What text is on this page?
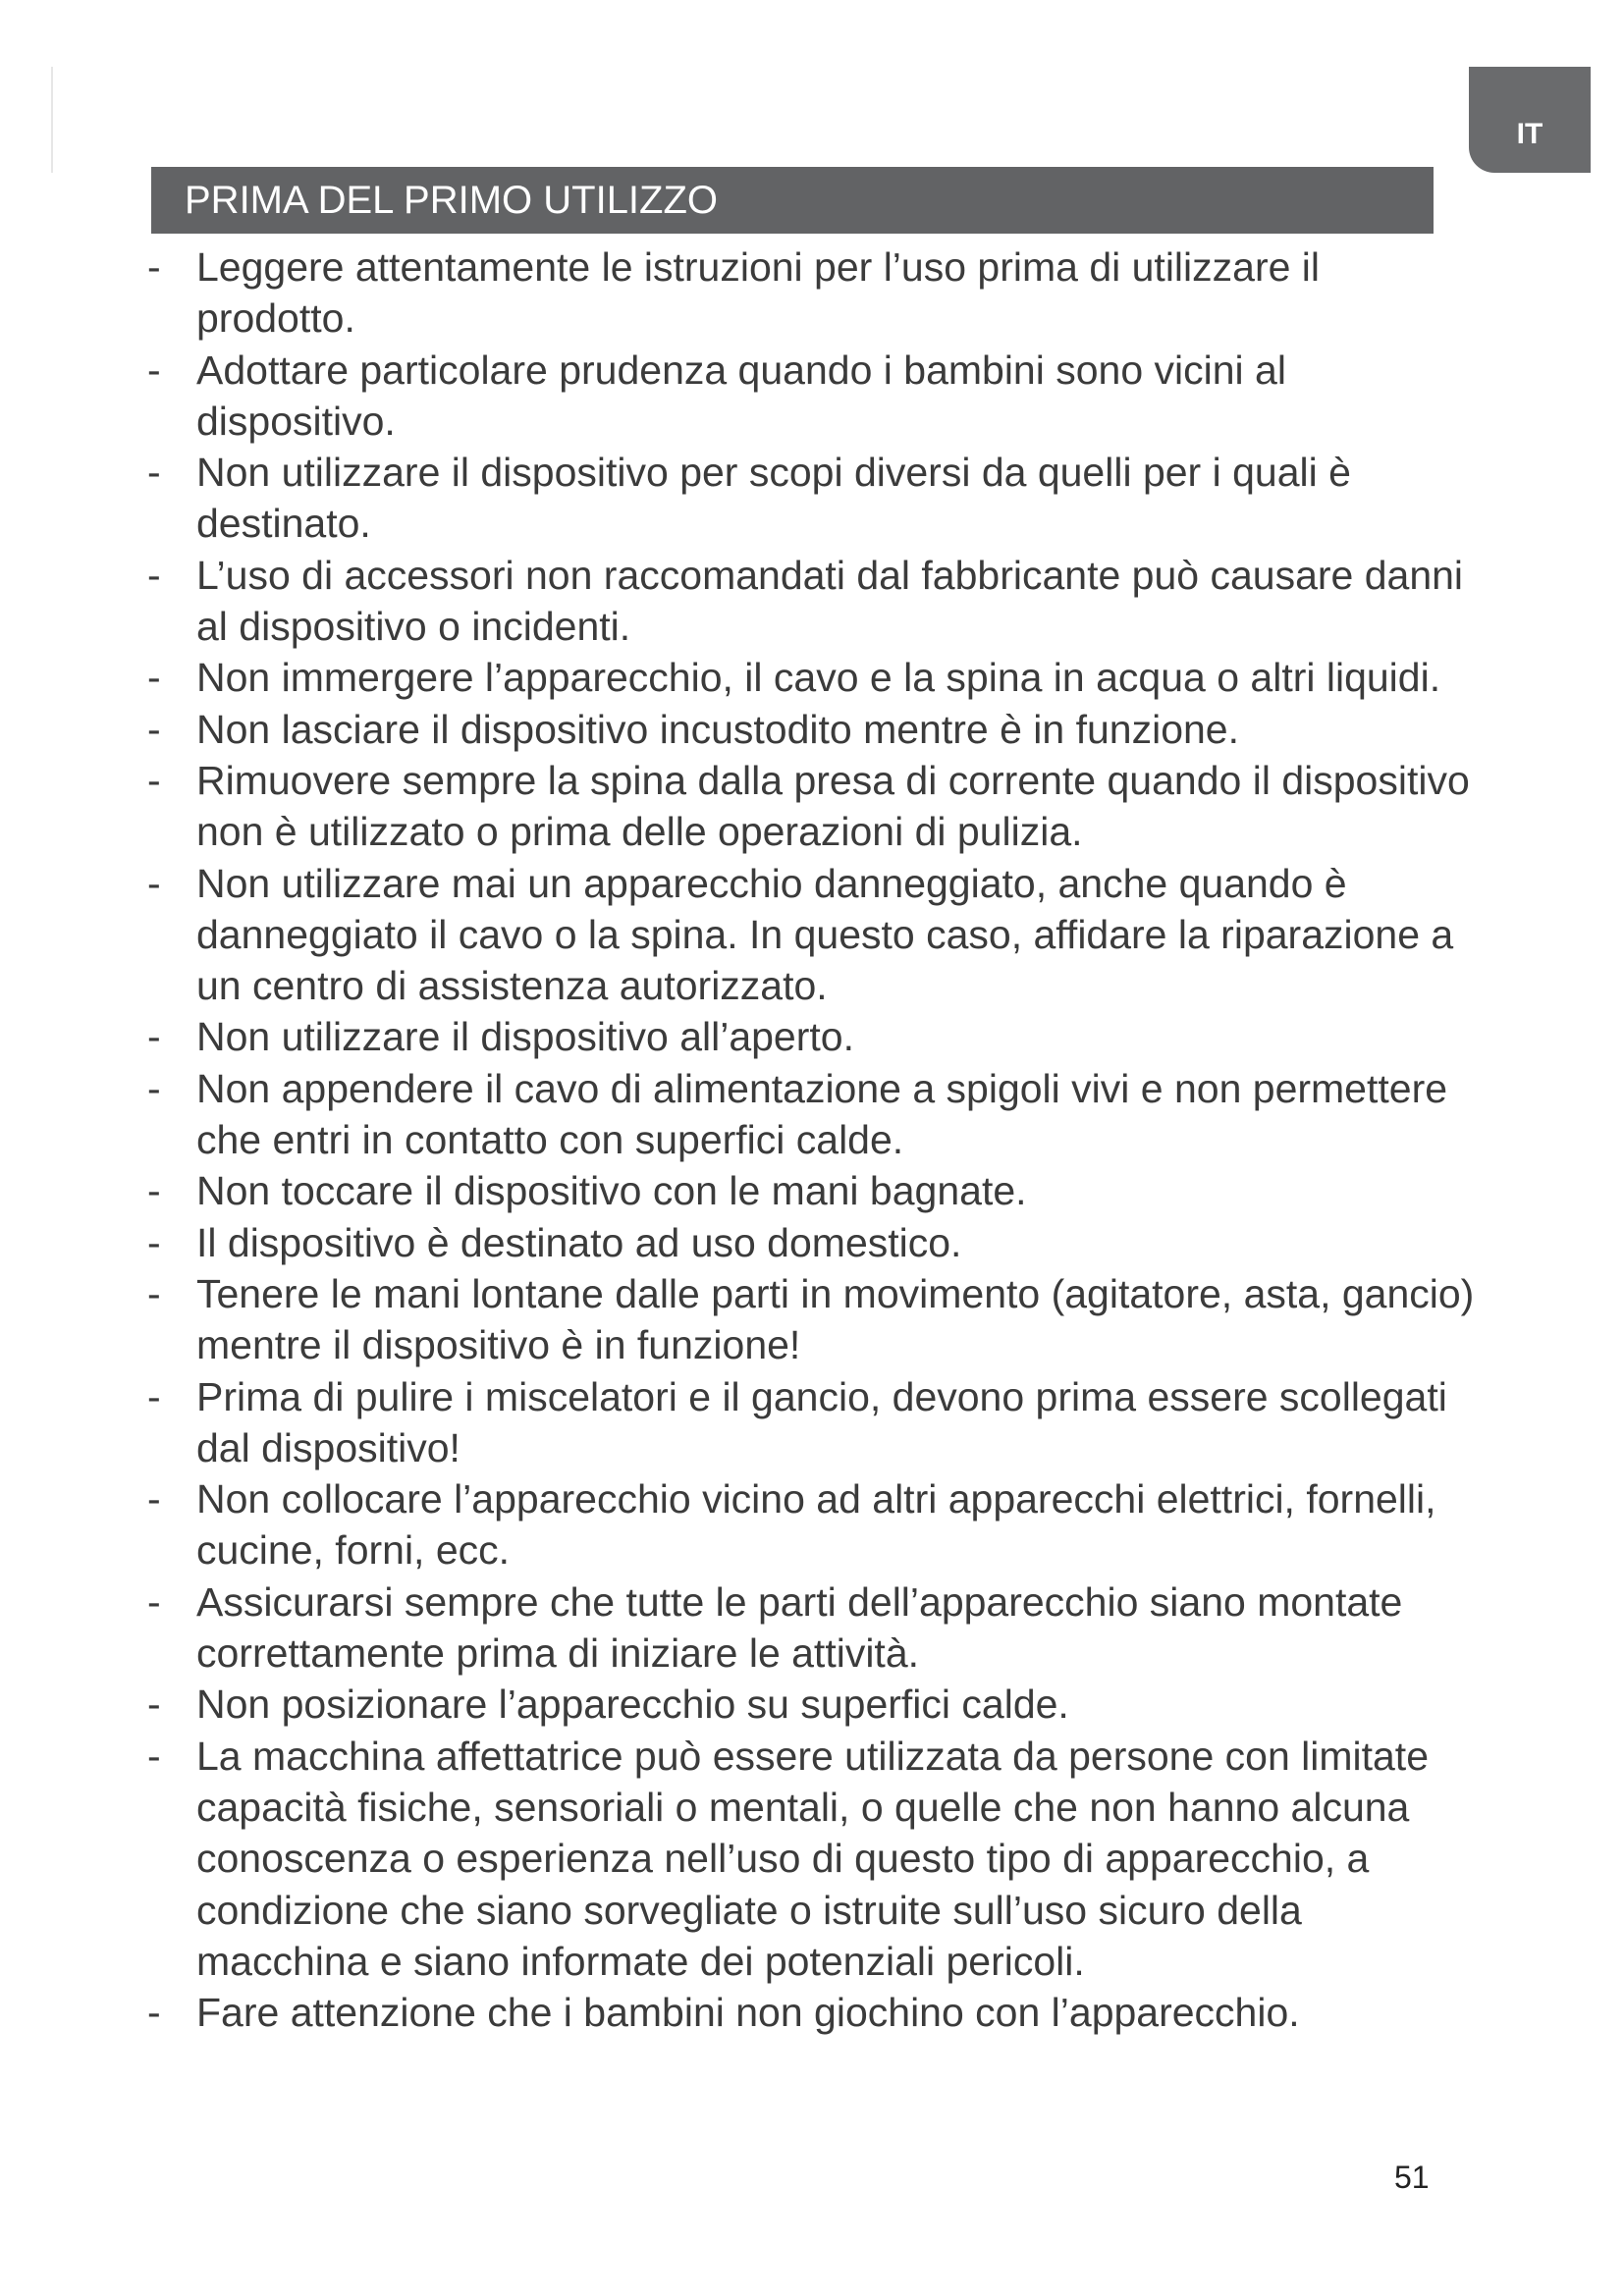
IT
PRIMA DEL PRIMO UTILIZZO
- Leggere attentamente le istruzioni per l’uso prima di utilizzare il prodotto.
- Adottare particolare prudenza quando i bambini sono vicini al dispositivo.
- Non utilizzare il dispositivo per scopi diversi da quelli per i quali è destinato.
- L’uso di accessori non raccomandati dal fabbricante può causare danni al dispositivo o incidenti.
- Non immergere l’apparecchio, il cavo e la spina in acqua o altri liquidi.
- Non lasciare il dispositivo incustodito mentre è in funzione.
- Rimuovere sempre la spina dalla presa di corrente quando il dispositivo non è utilizzato o prima delle operazioni di pulizia.
- Non utilizzare mai un apparecchio danneggiato, anche quando è danneggiato il cavo o la spina. In questo caso, affidare la riparazione a un centro di assistenza autorizzato.
- Non utilizzare il dispositivo all’aperto.
- Non appendere il cavo di alimentazione a spigoli vivi e non permettere che entri in contatto con superfici calde.
- Non toccare il dispositivo con le mani bagnate.
- Il dispositivo è destinato ad uso domestico.
- Tenere le mani lontane dalle parti in movimento (agitatore, asta, gancio) mentre il dispositivo è in funzione!
- Prima di pulire i miscelatori e il gancio, devono prima essere scollegati dal dispositivo!
- Non collocare l’apparecchio vicino ad altri apparecchi elettrici, fornelli, cucine, forni, ecc.
- Assicurarsi sempre che tutte le parti dell’apparecchio siano montate correttamente prima di iniziare le attività.
- Non posizionare l’apparecchio su superfici calde.
- La macchina affettatrice può essere utilizzata da persone con limitate capacità fisiche, sensoriali o mentali, o quelle che non hanno alcuna conoscenza o esperienza nell’uso di questo tipo di apparecchio, a condizione che siano sorvegliate o istruite sull’uso sicuro della macchina e siano informate dei potenziali pericoli.
- Fare attenzione che i bambini non giochino con l’apparecchio.
51
